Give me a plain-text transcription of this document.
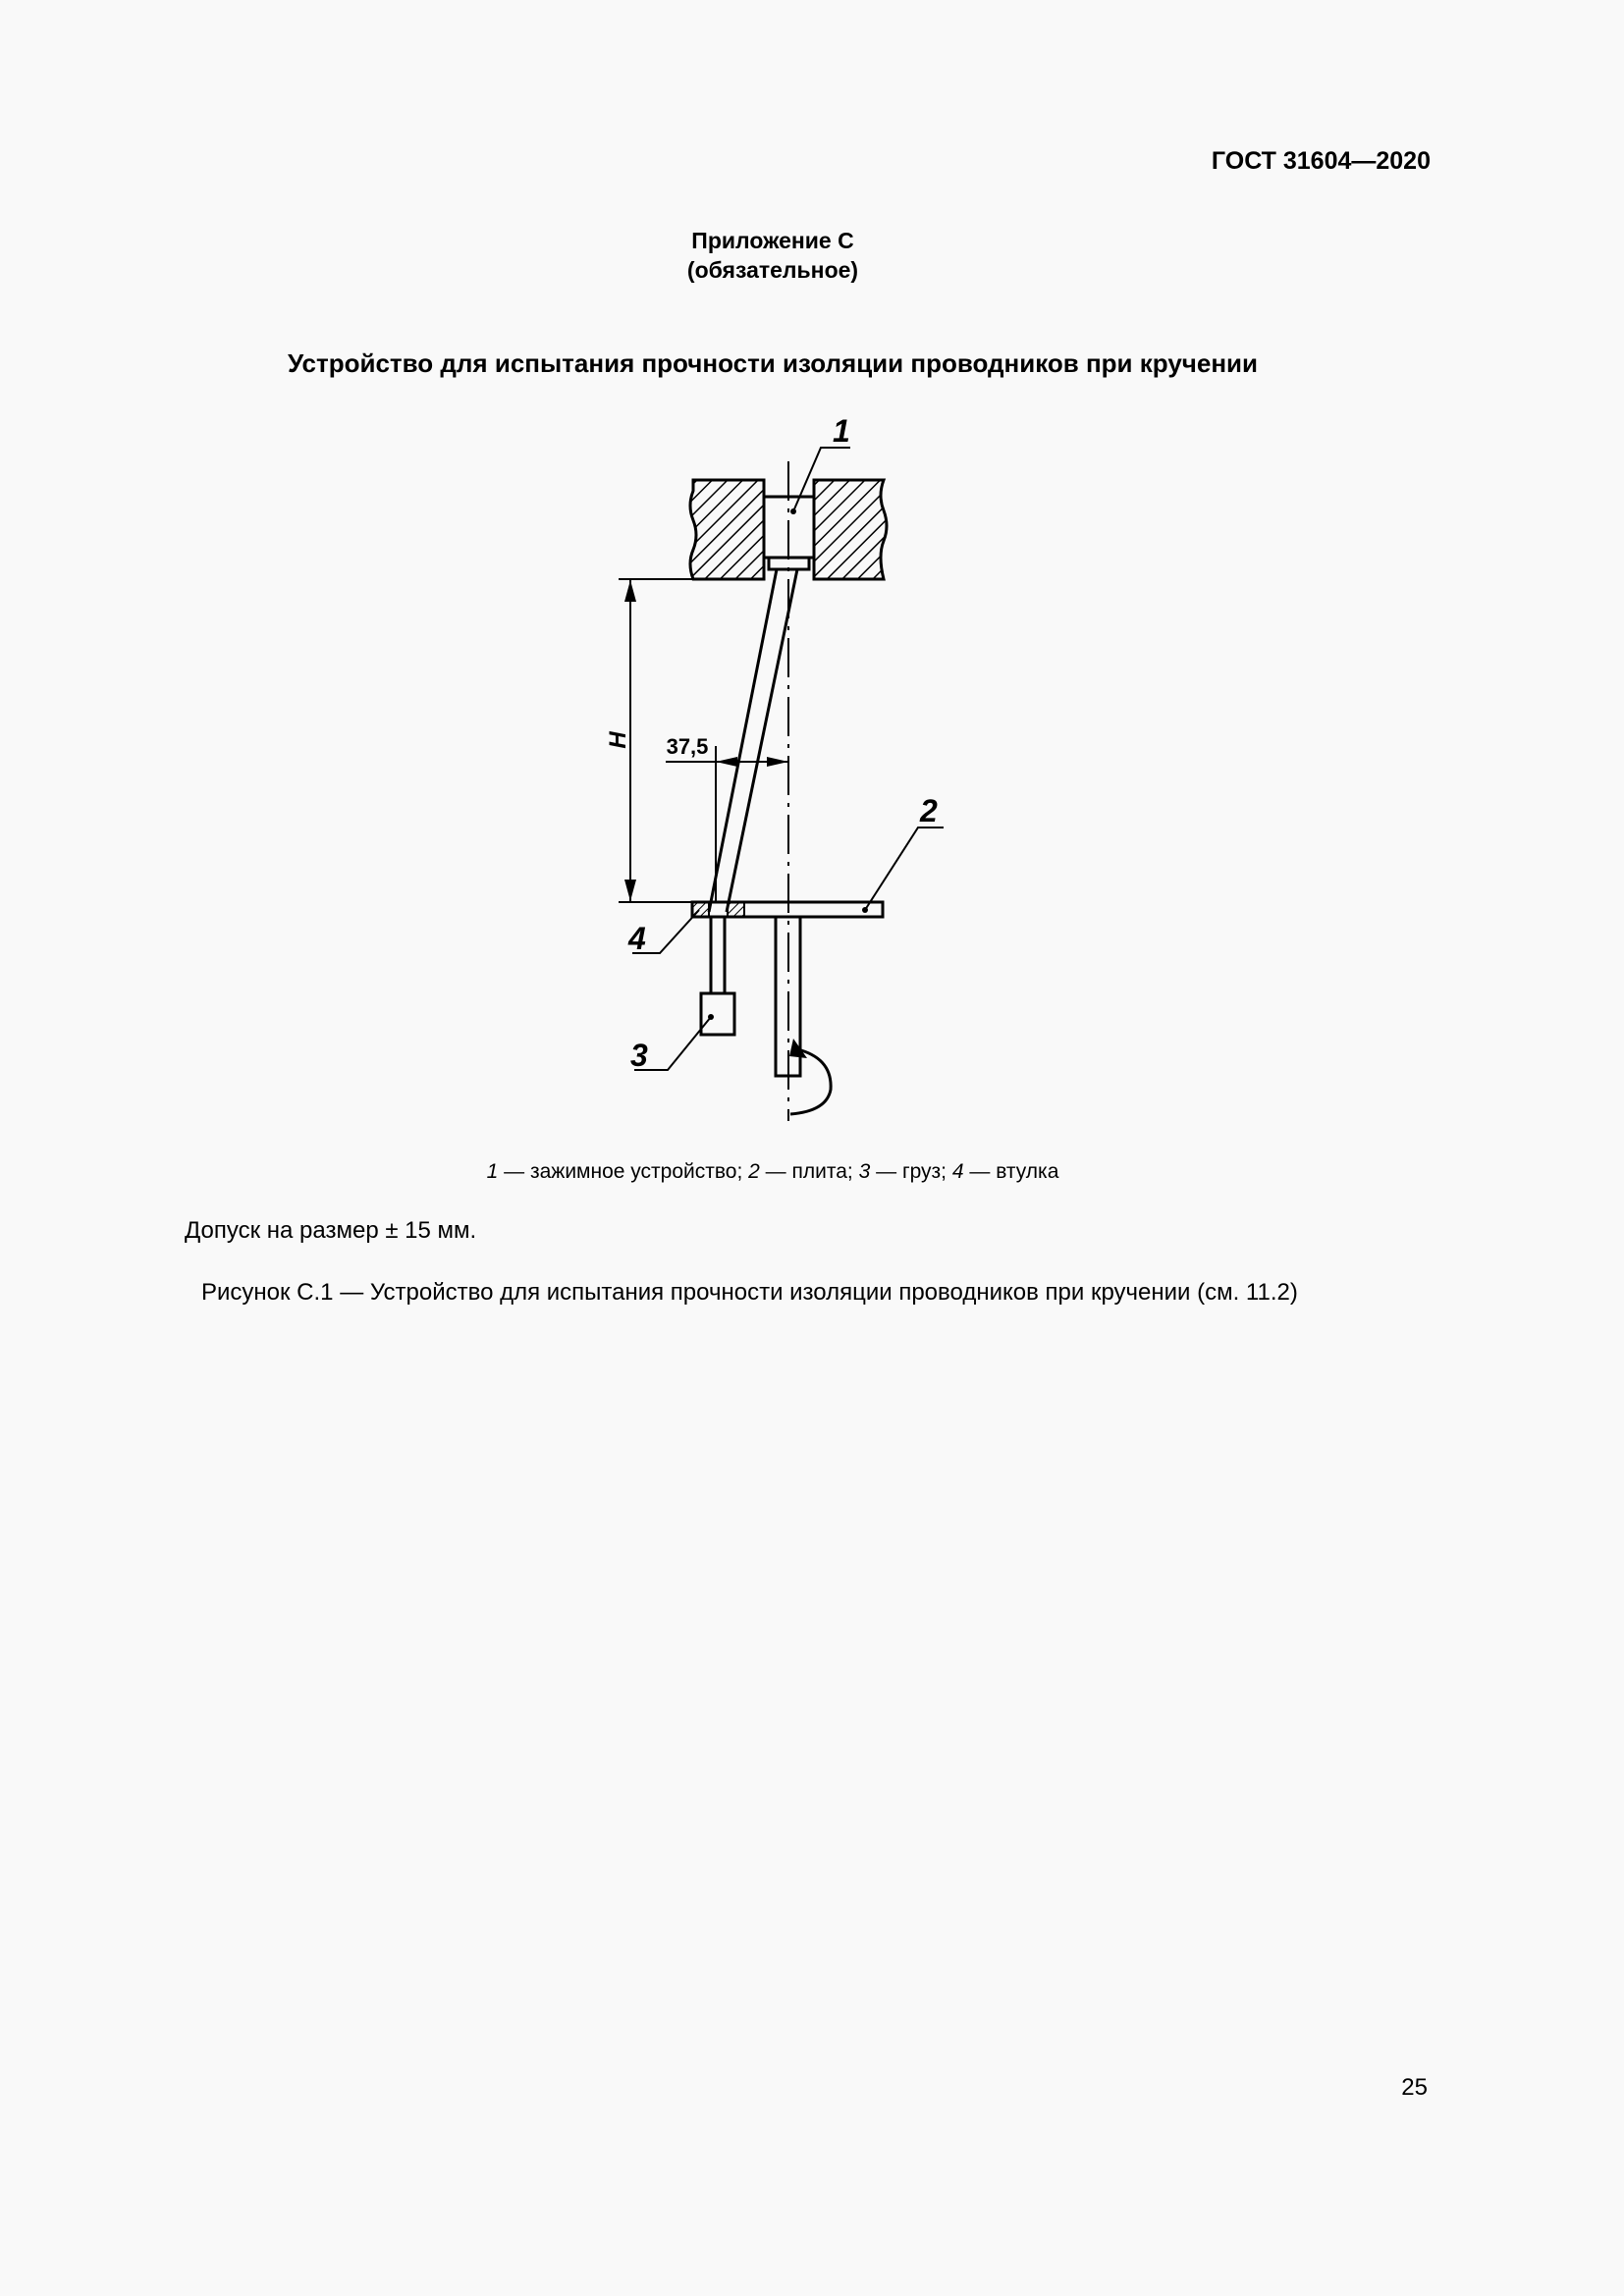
ГОСТ 31604—2020
Приложение С
(обязательное)
Устройство для испытания прочности изоляции проводников при кручении
H 37,5
1
2
3
4
1 — зажимное устройство; 2 — плита; 3 — груз; 4 — втулка
Допуск на размер ± 15 мм.
Рисунок С.1 — Устройство для испытания прочности изоляции проводников при кручении (см. 11.2)
25
